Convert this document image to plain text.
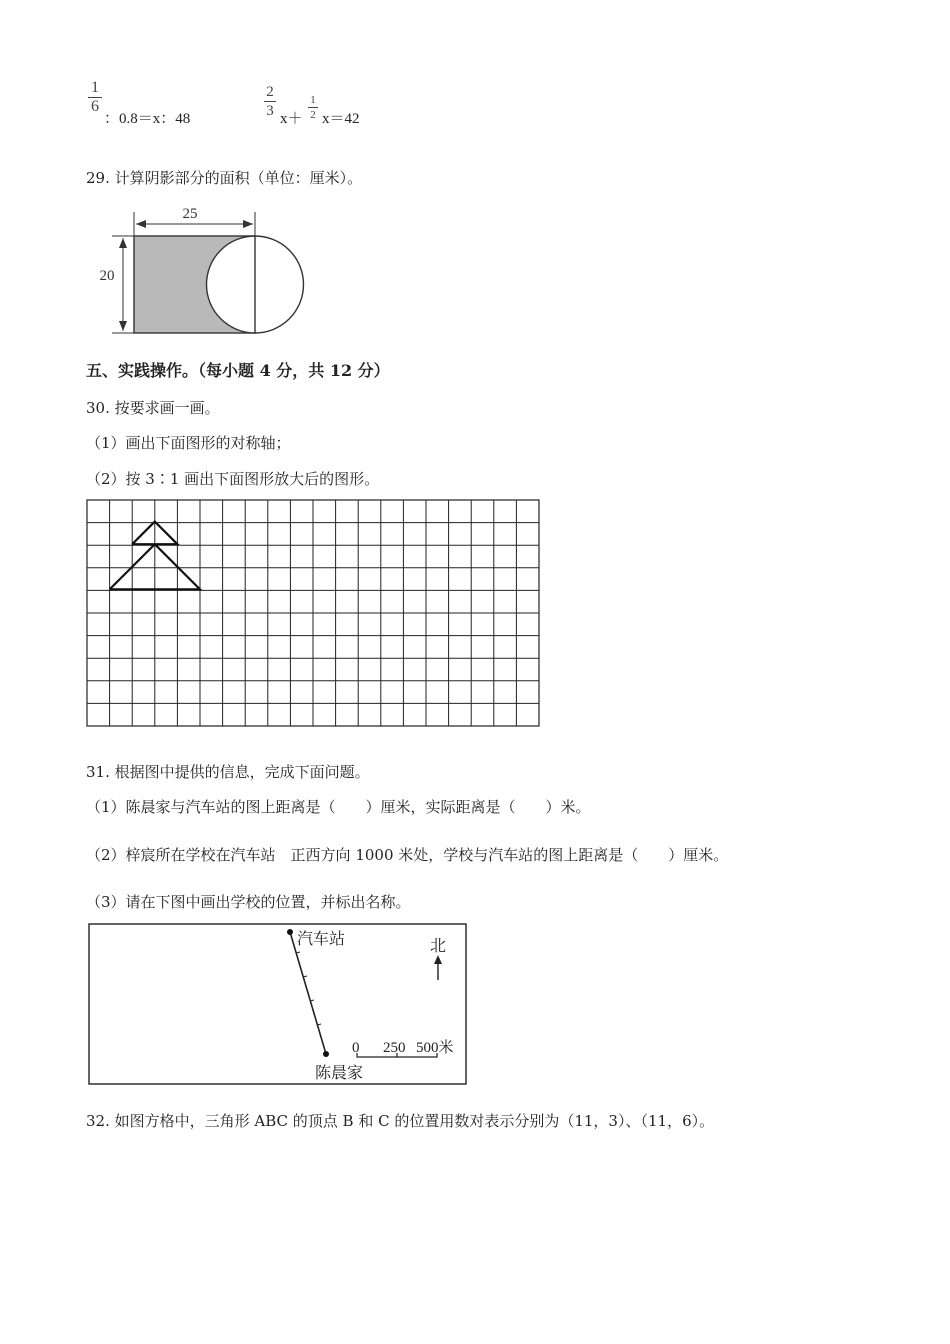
1
6
：0.8＝x：48
2
3 x＋
1
2 x＝42
29. 计算阴影部分的面积（单位：厘米）。
25
20
五、实践操作。（每小题 4 分，共 12 分）
30. 按要求画一画。
（1）画出下面图形的对称轴；
（2）按 3∶1 画出下面图形放大后的图形。
31. 根据图中提供的信息，完成下面问题。
（1）陈晨家与汽车站的图上距离是（　　）厘米，实际距离是（　　）米。
（2）梓宸所在学校在汽车站　正西方向 1000 米处，学校与汽车站的图上距离是（　　）厘米。
（3）请在下图中画出学校的位置，并标出名称。
汽车站
陈晨家
北
0 250 500米
32. 如图方格中，三角形 ABC 的顶点 B 和 C 的位置用数对表示分别为（11，3）、（11，6）。
